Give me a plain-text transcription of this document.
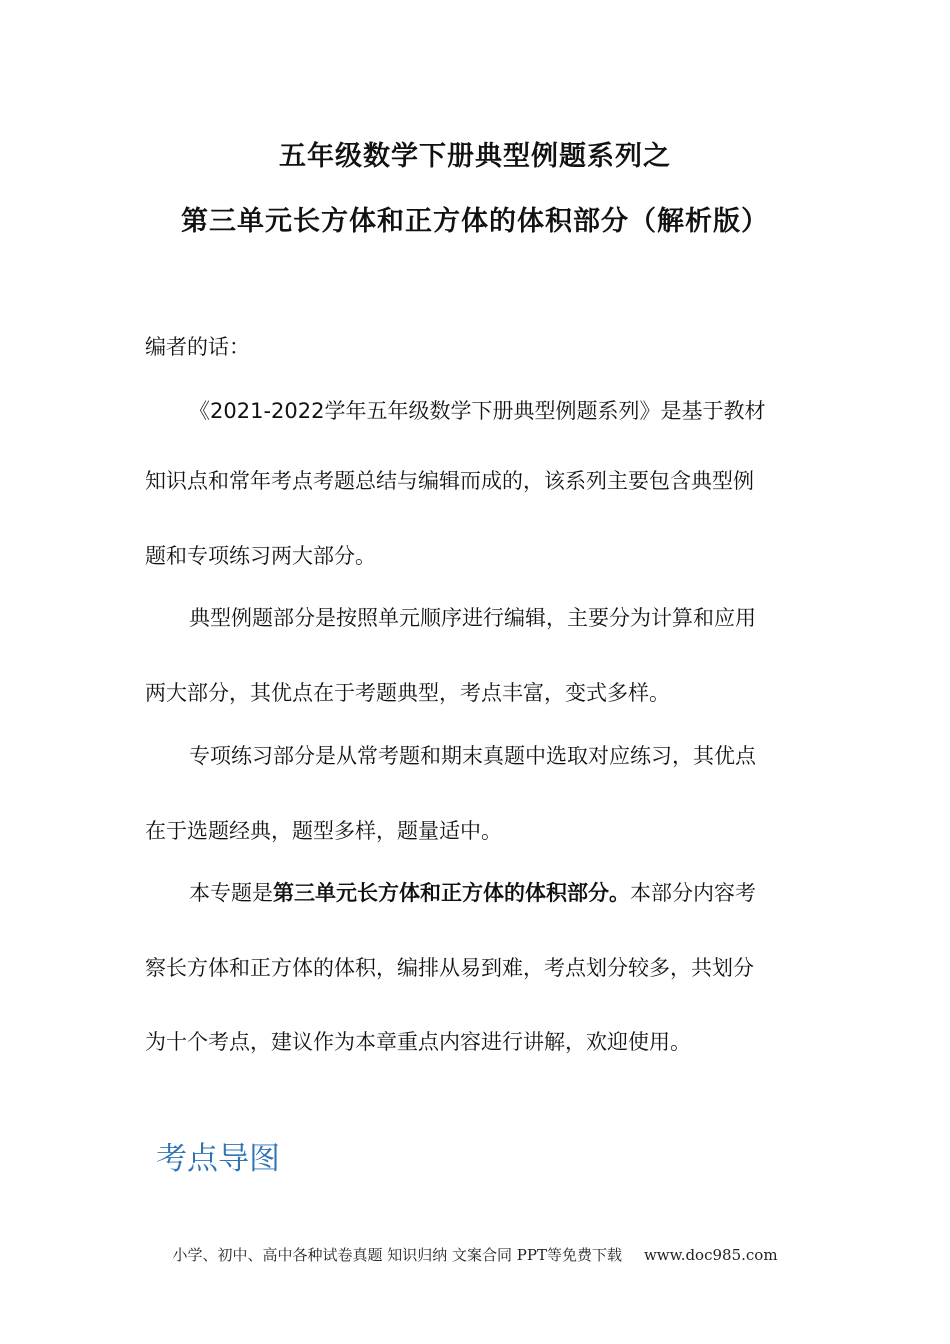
五年级数学下册典型例题系列之
第三单元长方体和正方体的体积部分（解析版）
编者的话：
《2021-2022学年五年级数学下册典型例题系列》是基于教材
知识点和常年考点考题总结与编辑而成的，该系列主要包含典型例
题和专项练习两大部分。
典型例题部分是按照单元顺序进行编辑，主要分为计算和应用
两大部分，其优点在于考题典型，考点丰富，变式多样。
专项练习部分是从常考题和期末真题中选取对应练习，其优点
在于选题经典，题型多样，题量适中。
本专题是第三单元长方体和正方体的体积部分。本部分内容考
察长方体和正方体的体积，编排从易到难，考点划分较多，共划分
为十个考点，建议作为本章重点内容进行讲解，欢迎使用。
考点导图
小学、初中、高中各种试卷真题 知识归纳 文案合同 PPT等免费下载 www.doc985.com
